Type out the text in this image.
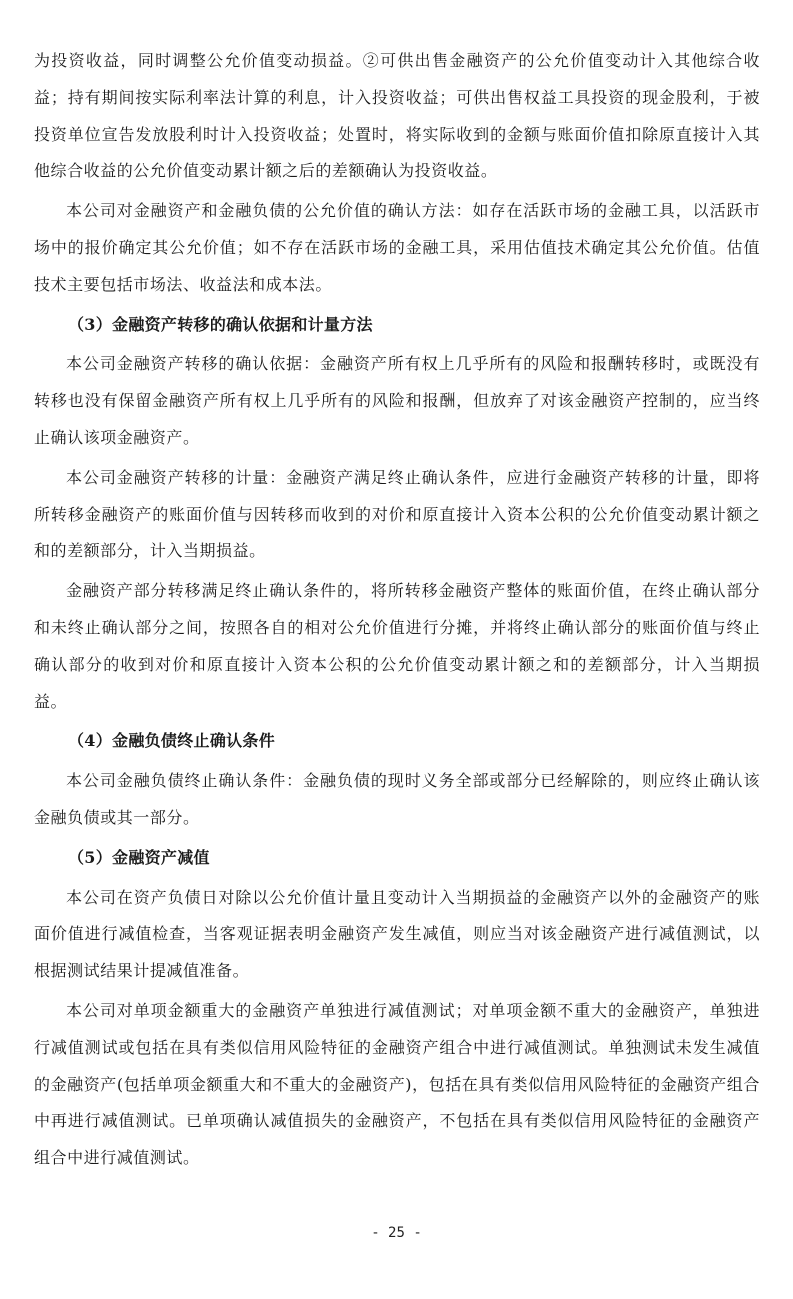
为投资收益，同时调整公允价值变动损益。②可供出售金融资产的公允价值变动计入其他综合收益；持有期间按实际利率法计算的利息，计入投资收益；可供出售权益工具投资的现金股利，于被投资单位宣告发放股利时计入投资收益；处置时，将实际收到的金额与账面价值扣除原直接计入其他综合收益的公允价值变动累计额之后的差额确认为投资收益。

本公司对金融资产和金融负债的公允价值的确认方法：如存在活跃市场的金融工具，以活跃市场中的报价确定其公允价值；如不存在活跃市场的金融工具，采用估值技术确定其公允价值。估值技术主要包括市场法、收益法和成本法。

（3）金融资产转移的确认依据和计量方法

本公司金融资产转移的确认依据：金融资产所有权上几乎所有的风险和报酬转移时，或既没有转移也没有保留金融资产所有权上几乎所有的风险和报酬，但放弃了对该金融资产控制的，应当终止确认该项金融资产。

本公司金融资产转移的计量：金融资产满足终止确认条件，应进行金融资产转移的计量，即将所转移金融资产的账面价值与因转移而收到的对价和原直接计入资本公积的公允价值变动累计额之和的差额部分，计入当期损益。

金融资产部分转移满足终止确认条件的，将所转移金融资产整体的账面价值，在终止确认部分和未终止确认部分之间，按照各自的相对公允价值进行分摊，并将终止确认部分的账面价值与终止确认部分的收到对价和原直接计入资本公积的公允价值变动累计额之和的差额部分，计入当期损益。

（4）金融负债终止确认条件

本公司金融负债终止确认条件：金融负债的现时义务全部或部分已经解除的，则应终止确认该金融负债或其一部分。

（5）金融资产减值

本公司在资产负债日对除以公允价值计量且变动计入当期损益的金融资产以外的金融资产的账面价值进行减值检查，当客观证据表明金融资产发生减值，则应当对该金融资产进行减值测试，以根据测试结果计提减值准备。

本公司对单项金额重大的金融资产单独进行减值测试；对单项金额不重大的金融资产，单独进行减值测试或包括在具有类似信用风险特征的金融资产组合中进行减值测试。单独测试未发生减值的金融资产(包括单项金额重大和不重大的金融资产)，包括在具有类似信用风险特征的金融资产组合中再进行减值测试。已单项确认减值损失的金融资产，不包括在具有类似信用风险特征的金融资产组合中进行减值测试。

- 25 -
